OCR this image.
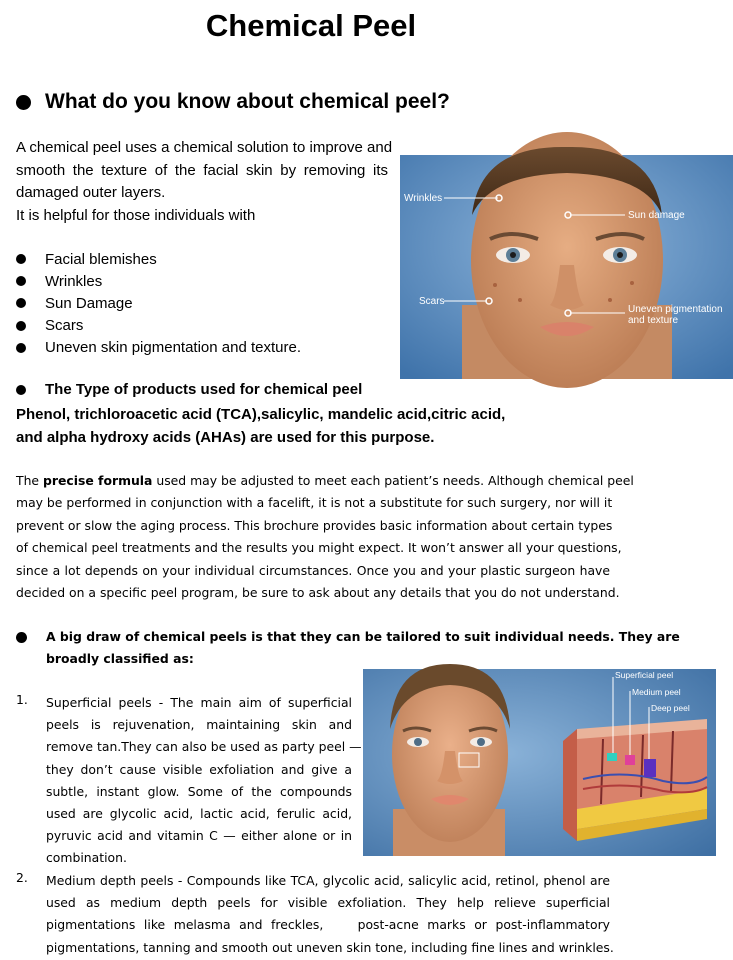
Chemical Peel
What do you know about chemical peel?
A chemical peel uses a chemical solution to improve and
smooth the texture of the facial skin by removing its
damaged outer layers.
It is helpful for those individuals with
Facial blemishes
Wrinkles
Sun Damage
Scars
Uneven skin pigmentation and texture.
Wrinkles
Sun damage
Scars
Uneven pigmentation
and texture
The Type of products used for chemical peel
Phenol, trichloroacetic acid (TCA),salicylic, mandelic acid,citric acid,
and alpha hydroxy acids (AHAs) are used for this purpose.
The precise formula used may be adjusted to meet each patient’s needs. Although chemical peel
may be performed in conjunction with a facelift, it is not a substitute for such surgery, nor will it
prevent or slow the aging process. This brochure provides basic information about certain types
of chemical peel treatments and the results you might expect. It won’t answer all your questions,
since a lot depends on your individual circumstances. Once you and your plastic surgeon have
decided on a specific peel program, be sure to ask about any details that you do not understand.
A big draw of chemical peels is that they can be tailored to suit individual needs. They are
broadly classified as:
Superficial peel
Medium peel
Deep peel
1. Superficial peels - The main aim of superficial
peels is rejuvenation, maintaining skin and
remove tan.They can also be used as party peel —
they don’t cause visible exfoliation and give a
subtle, instant glow. Some of the compounds
used are glycolic acid, lactic acid, ferulic acid,
pyruvic acid and vitamin C — either alone or in
combination.
2. Medium depth peels - Compounds like TCA, glycolic acid, salicylic acid, retinol, phenol are
used as medium depth peels for visible exfoliation. They help relieve superficial
pigmentations like melasma and freckles,    post-acne marks or post-inflammatory
pigmentations, tanning and smooth out uneven skin tone, including fine lines and wrinkles.
